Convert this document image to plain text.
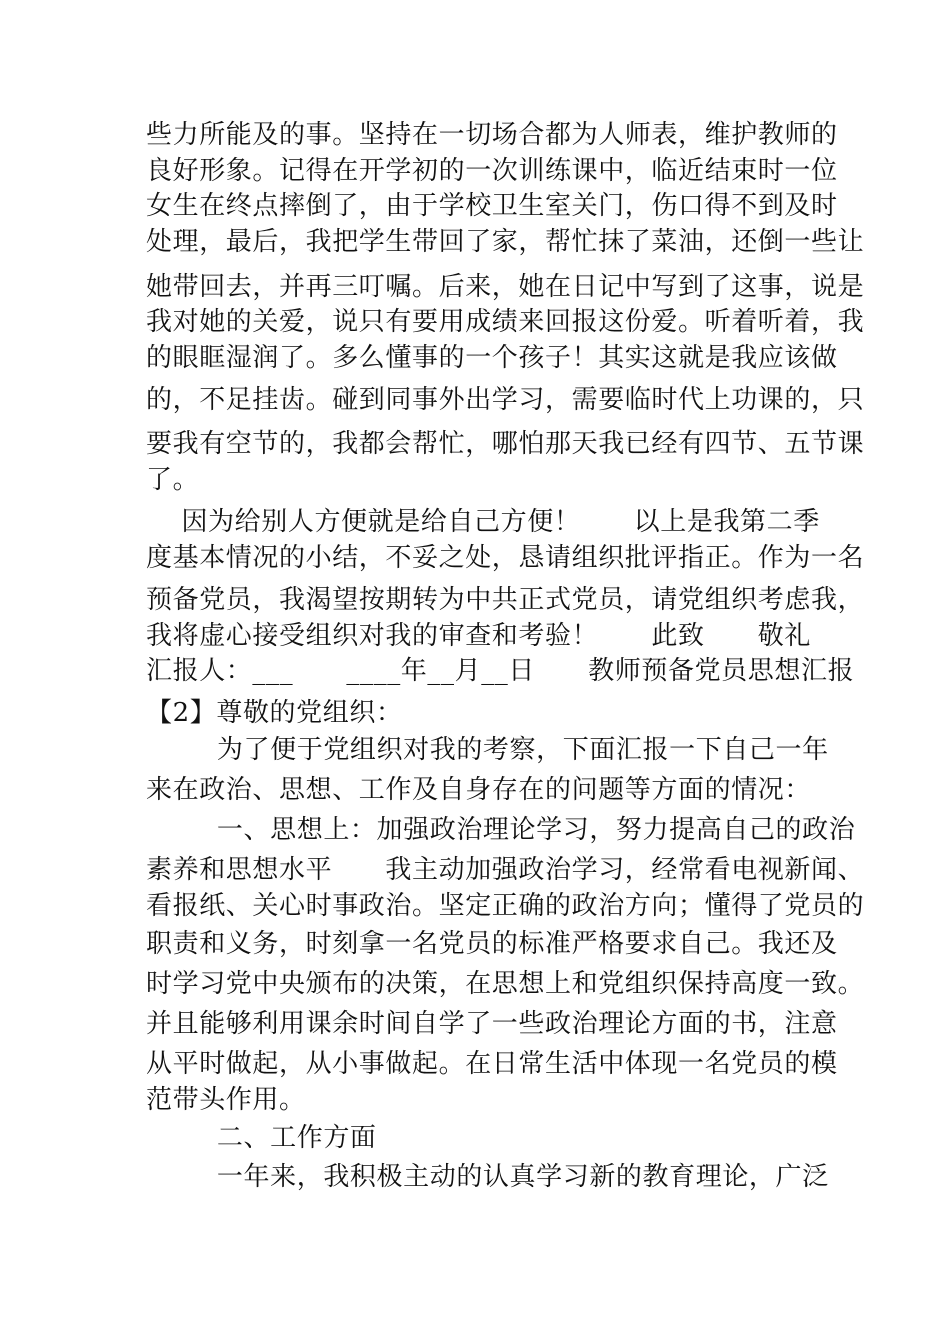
些力所能及的事。坚持在一切场合都为人师表，维护教师的

良好形象。记得在开学初的一次训练课中，临近结束时一位

女生在终点摔倒了，由于学校卫生室关门，伤口得不到及时

处理，最后，我把学生带回了家，帮忙抹了菜油，还倒一些让

她带回去，并再三叮嘱。后来，她在日记中写到了这事，说是

我对她的关爱，说只有要用成绩来回报这份爱。听着听着，我

的眼眶湿润了。多么懂事的一个孩子！其实这就是我应该做

的，不足挂齿。碰到同事外出学习，需要临时代上功课的，只

要我有空节的，我都会帮忙，哪怕那天我已经有四节、五节课

了。

因为给别人方便就是给自己方便！      以上是我第二季

度基本情况的小结，不妥之处，恳请组织批评指正。作为一名

预备党员，我渴望按期转为中共正式党员，请党组织考虑我，

我将虚心接受组织对我的审查和考验！      此致      敬礼

汇报人：___      ____年__月__日      教师预备党员思想汇报

【2】尊敬的党组织：

为了便于党组织对我的考察，下面汇报一下自己一年

来在政治、思想、工作及自身存在的问题等方面的情况：

一、思想上：加强政治理论学习，努力提高自己的政治

素养和思想水平      我主动加强政治学习，经常看电视新闻、

看报纸、关心时事政治。坚定正确的政治方向；懂得了党员的

职责和义务，时刻拿一名党员的标准严格要求自己。我还及

时学习党中央颁布的决策，在思想上和党组织保持高度一致。

并且能够利用课余时间自学了一些政治理论方面的书，注意

从平时做起，从小事做起。在日常生活中体现一名党员的模

范带头作用。

二、工作方面

一年来，我积极主动的认真学习新的教育理论，广泛
